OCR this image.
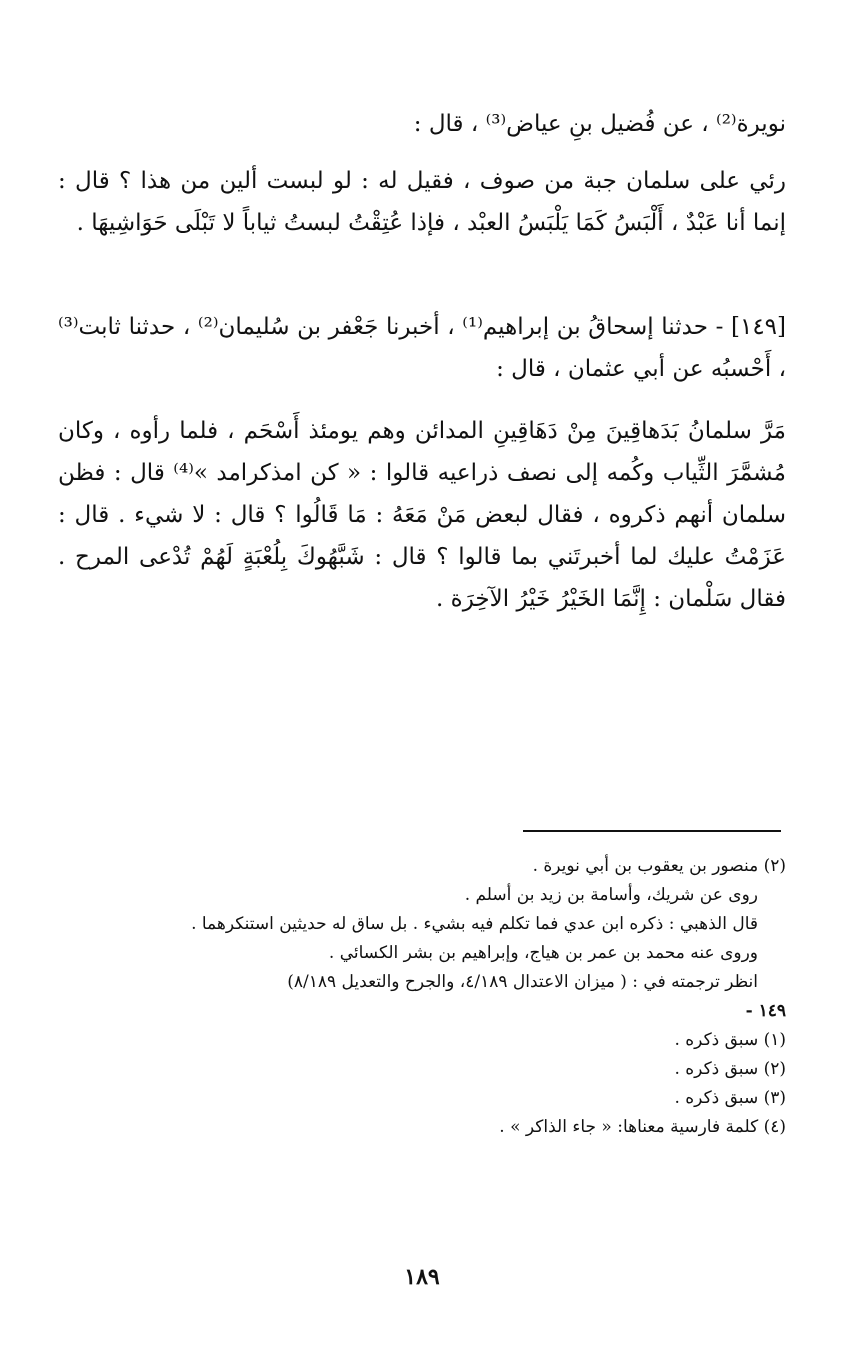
نويرة⁽²⁾ ، عن فُضيل بنِ عياض⁽³⁾ ، قال :

رئي على سلمان جبة من صوف ، فقيل له : لو لبست ألين من هذا ؟ قال : إنما أنا عَبْدٌ ، أَلْبَسُ كَمَا يَلْبَسُ العبْد ، فإذا عُتِقْتُ لبستُ ثياباً لا تَبْلَى حَوَاشِيهَا .

[١٤٩] - حدثنا إسحاقُ بن إبراهيم⁽¹⁾ ، أخبرنا جَعْفر بن سُليمان⁽²⁾ ، حدثنا ثابت⁽³⁾ ، أَحْسبُه عن أبي عثمان ، قال :

مَرَّ سلمانُ بَدَهاقِينَ مِنْ دَهَاقِينِ المدائن وهم يومئذ أَسْحَم ، فلما رأوه ، وكان مُشمَّرَ الثِّياب وكُمه إلى نصف ذراعيه قالوا : « كن امذكرامد »⁽⁴⁾ قال : فظن سلمان أنهم ذكروه ، فقال لبعض مَنْ مَعَهُ : مَا قَالُوا ؟ قال : لا شيء . قال : عَزَمْتُ عليك لما أخبرتَني بما قالوا ؟ قال : شَبَّهُوكَ بِلُعْبَةٍ لَهُمْ تُدْعى المرح . فقال سَلْمان : إِنَّمَا الخَيْرُ خَيْرُ الآخِرَة .

(٢) منصور بن يعقوب بن أبي نويرة .

روى عن شريك، وأسامة بن زيد بن أسلم .

قال الذهبي : ذكره ابن عدي فما تكلم فيه بشيء . بل ساق له حديثين استنكرهما .

وروى عنه محمد بن عمر بن هياج، وإبراهيم بن بشر الكسائي .

انظر ترجمته في : ( ميزان الاعتدال ٤/١٨٩، والجرح والتعديل ٨/١٨٩)

١٤٩ -

(١) سبق ذكره .

(٢) سبق ذكره .

(٣) سبق ذكره .

(٤) كلمة فارسية معناها: « جاء الذاكر » .

١٨٩
